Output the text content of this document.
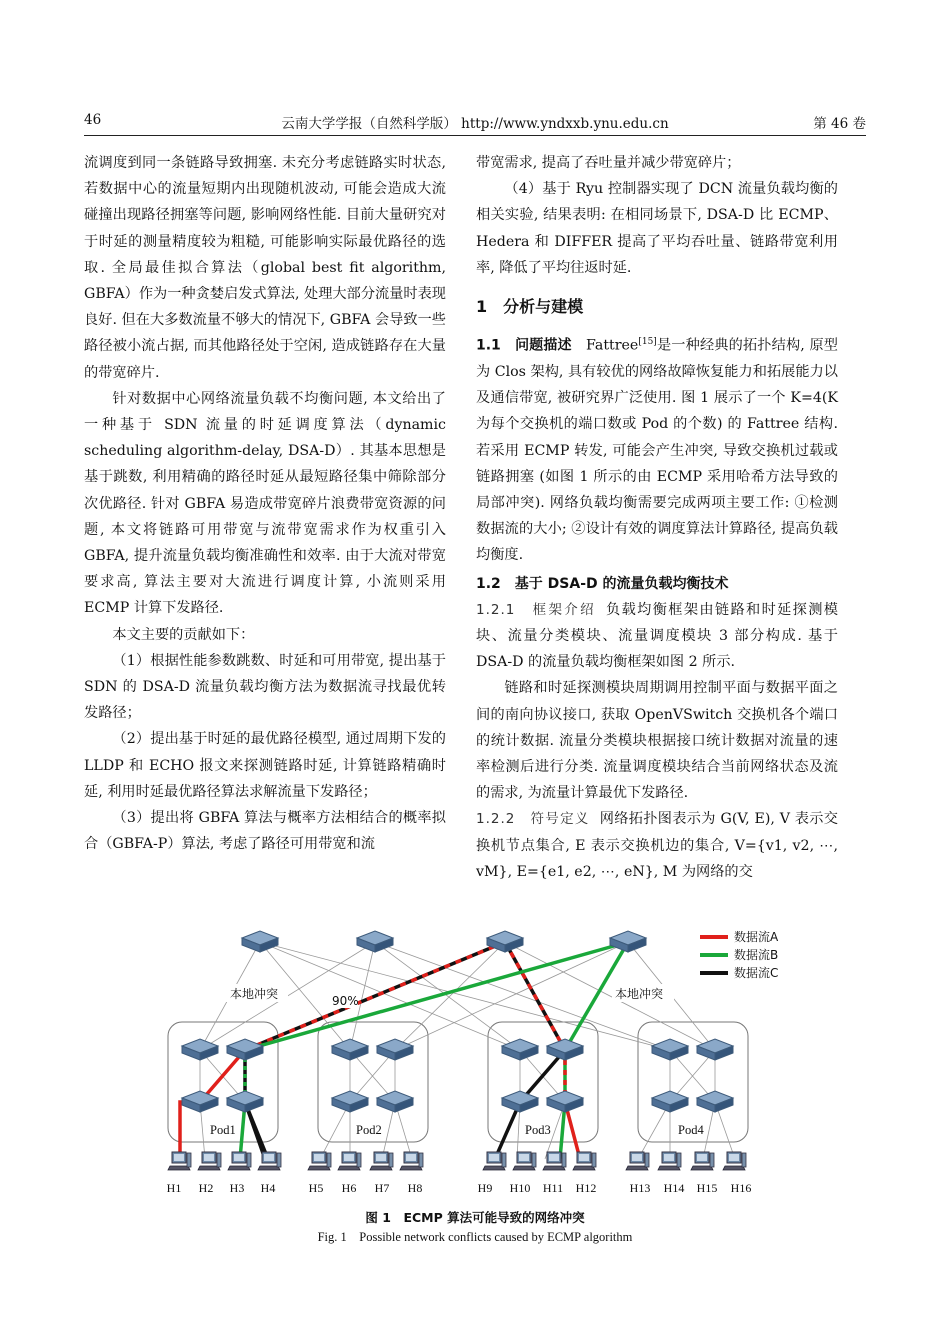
46	云南大学学报（自然科学版） http://www.yndxxb.ynu.edu.cn	第 46 卷

流调度到同一条链路导致拥塞. 未充分考虑链路实时状态, 若数据中心的流量短期内出现随机波动, 可能会造成大流碰撞出现路径拥塞等问题, 影响网络性能. 目前大量研究对于时延的测量精度较为粗糙, 可能影响实际最优路径的选取. 全局最佳拟合算法（global best fit algorithm, GBFA）作为一种贪婪启发式算法, 处理大部分流量时表现良好. 但在大多数流量不够大的情况下, GBFA 会导致一些路径被小流占据, 而其他路径处于空闲, 造成链路存在大量的带宽碎片.

针对数据中心网络流量负载不均衡问题, 本文给出了一种基于 SDN 流量的时延调度算法（dynamic scheduling algorithm-delay, DSA-D）. 其基本思想是基于跳数, 利用精确的路径时延从最短路径集中筛除部分次优路径. 针对 GBFA 易造成带宽碎片浪费带宽资源的问题, 本文将链路可用带宽与流带宽需求作为权重引入 GBFA, 提升流量负载均衡准确性和效率. 由于大流对带宽要求高, 算法主要对大流进行调度计算, 小流则采用 ECMP 计算下发路径.

本文主要的贡献如下：

（1）根据性能参数跳数、时延和可用带宽, 提出基于 SDN 的 DSA-D 流量负载均衡方法为数据流寻找最优转发路径；

（2）提出基于时延的最优路径模型, 通过周期下发的 LLDP 和 ECHO 报文来探测链路时延, 计算链路精确时延, 利用时延最优路径算法求解流量下发路径；

（3）提出将 GBFA 算法与概率方法相结合的概率拟合（GBFA-P）算法, 考虑了路径可用带宽和流

带宽需求, 提高了吞吐量并减少带宽碎片；

（4）基于 Ryu 控制器实现了 DCN 流量负载均衡的相关实验, 结果表明: 在相同场景下, DSA-D 比 ECMP、Hedera 和 DIFFER 提高了平均吞吐量、链路带宽利用率, 降低了平均往返时延.

1　分析与建模

1.1　问题描述　 Fattree[15]是一种经典的拓扑结构, 原型为 Clos 架构, 具有较优的网络故障恢复能力和拓展能力以及通信带宽, 被研究界广泛使用. 图 1 展示了一个 K=4(K 为每个交换机的端口数或 Pod 的个数) 的 Fattree 结构. 若采用 ECMP 转发, 可能会产生冲突, 导致交换机过载或链路拥塞 (如图 1 所示的由 ECMP 采用哈希方法导致的局部冲突). 网络负载均衡需要完成两项主要工作: ①检测数据流的大小; ②设计有效的调度算法计算路径, 提高负载均衡度.

1.2　基于 DSA-D 的流量负载均衡技术

1.2.1　框架介绍 负载均衡框架由链路和时延探测模块、流量分类模块、流量调度模块 3 部分构成. 基于 DSA-D 的流量负载均衡框架如图 2 所示.

链路和时延探测模块周期调用控制平面与数据平面之间的南向协议接口, 获取 OpenVSwitch 交换机各个端口的统计数据. 流量分类模块根据接口统计数据对流量的速率检测后进行分类. 流量调度模块结合当前网络状态及流的需求, 为流量计算最优下发路径.

1.2.2　符号定义 网络拓扑图表示为 G(V, E), V 表示交换机节点集合, E 表示交换机边的集合, V={v1, v2, ⋯, vM}, E={e1, e2, ⋯, eN}, M 为网络的交

H1 H2 H3 H4	H5 H6 H7 H8	H9 H10 H11 H12	H13 H14 H15 H16
Pod1	Pod2	Pod3	Pod4
本地冲突	90%	本地冲突
数据流A
数据流B
数据流C
图 1　ECMP 算法可能导致的网络冲突
Fig. 1　Possible network conflicts caused by ECMP algorithm
